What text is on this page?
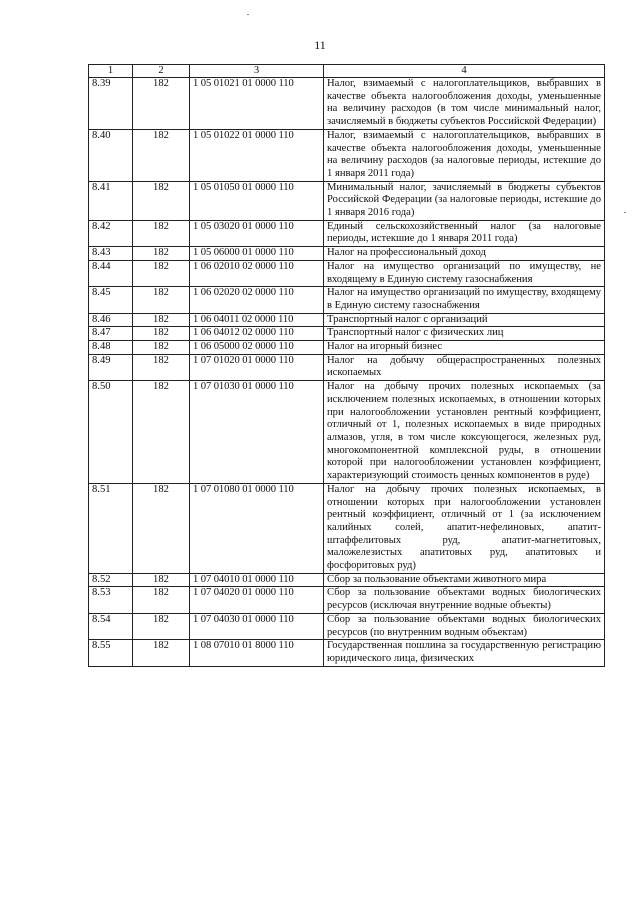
11
1	2	3	4
8.39	182	1 05 01021 01 0000 110	Налог, взимаемый с налогоплательщиков, выбравших в качестве объекта налогообложения доходы, уменьшенные на величину расходов (в том числе минимальный налог, зачисляемый в бюджеты субъектов Российской Федерации)
8.40	182	1 05 01022 01 0000 110	Налог, взимаемый с налогоплательщиков, выбравших в качестве объекта налогообложения доходы, уменьшенные на величину расходов (за налоговые периоды, истекшие до 1 января 2011 года)
8.41	182	1 05 01050 01 0000 110	Минимальный налог, зачисляемый в бюджеты субъектов Российской Федерации (за налоговые периоды, истекшие до 1 января 2016 года)
8.42	182	1 05 03020 01 0000 110	Единый сельскохозяйственный налог (за налоговые периоды, истекшие до 1 января 2011 года)
8.43	182	1 05 06000 01 0000 110	Налог на профессиональный доход
8.44	182	1 06 02010 02 0000 110	Налог на имущество организаций по имуществу, не входящему в Единую систему газоснабжения
8.45	182	1 06 02020 02 0000 110	Налог на имущество организаций по имуществу, входящему в Единую систему газоснабжения
8.46	182	1 06 04011 02 0000 110	Транспортный налог с организаций
8.47	182	1 06 04012 02 0000 110	Транспортный налог с физических лиц
8.48	182	1 06 05000 02 0000 110	Налог на игорный бизнес
8.49	182	1 07 01020 01 0000 110	Налог на добычу общераспространенных полезных ископаемых
8.50	182	1 07 01030 01 0000 110	Налог на добычу прочих полезных ископаемых (за исключением полезных ископаемых, в отношении которых при налогообложении установлен рентный коэффициент, отличный от 1, полезных ископаемых в виде природных алмазов, угля, в том числе коксующегося, железных руд, многокомпонентной комплексной руды, в отношении которой при налогообложении установлен коэффициент, характеризующий стоимость ценных компонентов в руде)
8.51	182	1 07 01080 01 0000 110	Налог на добычу прочих полезных ископаемых, в отношении которых при налогообложении установлен рентный коэффициент, отличный от 1 (за исключением калийных солей, апатит-нефелиновых, апатит-штаффелитовых руд, апатит-магнетитовых, маложелезистых апатитовых руд, апатитовых и фосфоритовых руд)
8.52	182	1 07 04010 01 0000 110	Сбор за пользование объектами животного мира
8.53	182	1 07 04020 01 0000 110	Сбор за пользование объектами водных биологических ресурсов (исключая внутренние водные объекты)
8.54	182	1 07 04030 01 0000 110	Сбор за пользование объектами водных биологических ресурсов (по внутренним водным объектам)
8.55	182	1 08 07010 01 8000 110	Государственная пошлина за государственную регистрацию юридического лица, физических
